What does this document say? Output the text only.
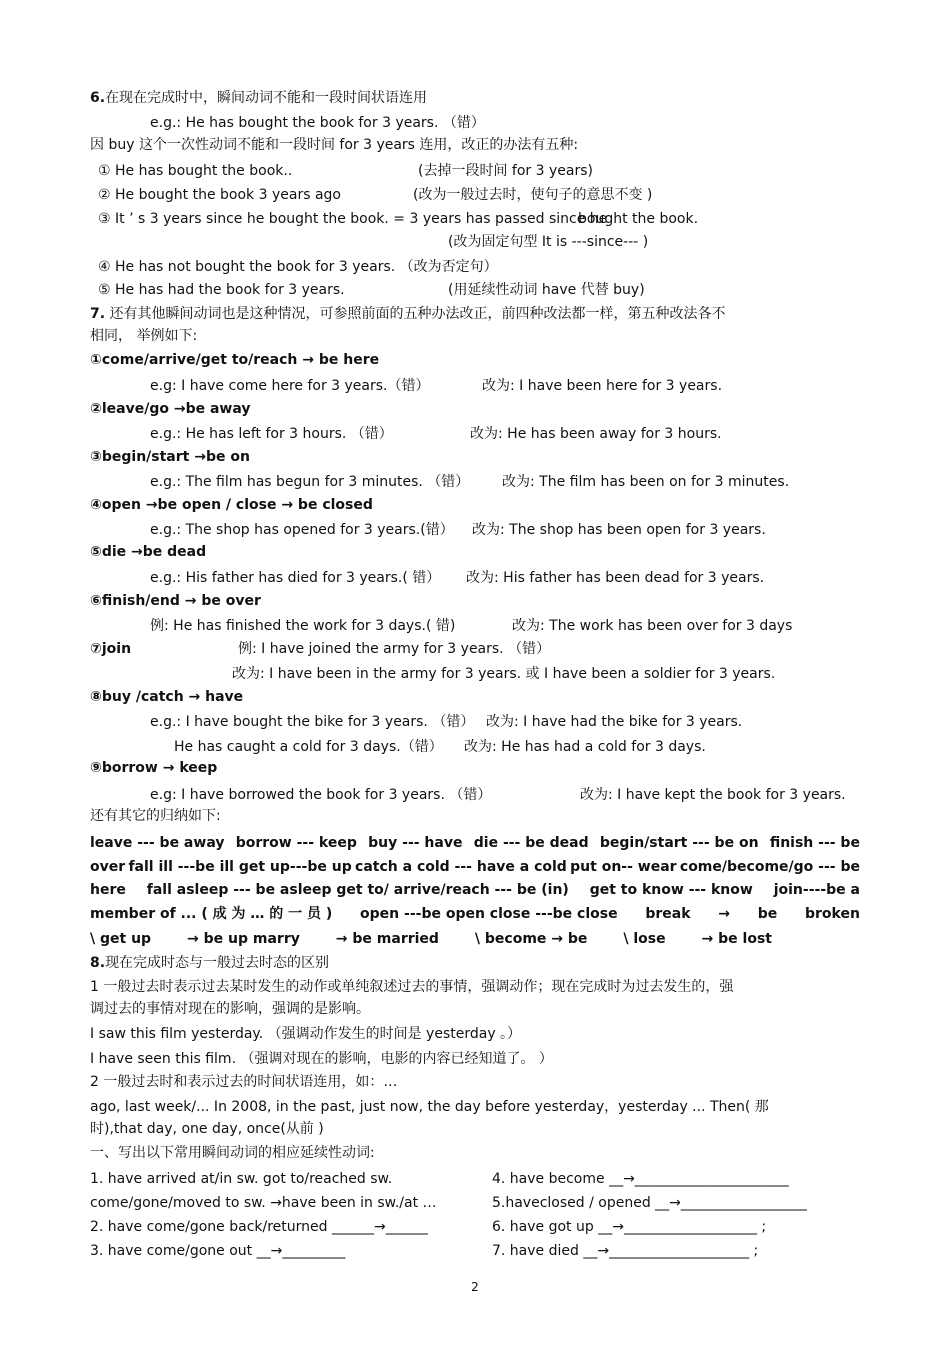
6.在现在完成时中，瞬间动词不能和一段时间状语连用
e.g.: He has bought the book for 3 years. （错）
因 buy 这个一次性动词不能和一段时间 for 3 years 连用，改正的办法有五种:
① He has bought the book..	(去掉一段时间 for 3 years)
② He bought the book 3 years ago	(改为一般过去时，使句子的意思不变 )
③ It ’ s 3 years since he bought the book. = 3 years has passed since he
bought the book.
(改为固定句型 It is ---since--- )
④ He has not bought the book for 3 years. （改为否定句）
⑤ He has had the book for 3 years.	(用延续性动词 have 代替 buy)
7. 还有其他瞬间动词也是这种情况，可参照前面的五种办法改正，前四种改法都一样，第五种改法各不
相同， 举例如下:
①come/arrive/get to/reach → be here
e.g: I have come here for 3 years.（错）	改为: I have been here for 3 years.
②leave/go →be away
e.g.: He has left for 3 hours. （错）	改为: He has been away for 3 hours.
③begin/start →be on
e.g.: The film has begun for 3 minutes. （错） 改为: The film has been on for 3 minutes.
④open →be open / close → be closed
e.g.: The shop has opened for 3 years.(错） 改为: The shop has been open for 3 years.
⑤die →be dead
e.g.: His father has died for 3 years.( 错） 改为: His father has been dead for 3 years.
⑥finish/end → be over
例: He has finished the work for 3 days.( 错)	改为: The work has been over for 3 days
⑦join	例: I have joined the army for 3 years. （错）
改为: I have been in the army for 3 years. 或 I have been a soldier for 3 years.
⑧buy /catch → have
e.g.: I have bought the bike for 3 years. （错） 改为: I have had the bike for 3 years.
He has caught a cold for 3 days.（错） 改为: He has had a cold for 3 days.
⑨borrow → keep
e.g: I have borrowed the book for 3 years. （错）	改为: I have kept the book for 3 years.
还有其它的归纳如下:
leave --- be away borrow --- keep buy --- have die --- be dead begin/start --- be on finish --- be
over fall ill ---be ill get up---be up catch a cold --- have a cold put on-- wear come/become/go --- be
here fall asleep --- be asleep get to/ arrive/reach --- be (in) get to know --- know join----be a
member of ... ( 成 为 … 的 一 员 ) open ---be open close ---be close break → be broken
\ get up	→ be up marry	→ be married	\ become → be	\ lose	→ be lost
8.现在完成时态与一般过去时态的区别
1 一般过去时表示过去某时发生的动作或单纯叙述过去的事情，强调动作；现在完成时为过去发生的，强
调过去的事情对现在的影响，强调的是影响。
I saw this film yesterday. （强调动作发生的时间是 yesterday 。）
I have seen this film. （强调对现在的影响，电影的内容已经知道了。 ）
2 一般过去时和表示过去的时间状语连用，如：…
ago, last week/... In 2008, in the past, just now, the day before yesterday，yesterday ... Then( 那
时),that day, one day, once(从前 )
一、写出以下常用瞬间动词的相应延续性动词:
1. have arrived at/in sw. got to/reached sw.	4. have become __→______________________
come/gone/moved to sw. →have been in sw./at …	5.haveclosed / opened __→__________________
2. have come/gone back/returned ______→______	6. have got up __→___________________ ;
3. have come/gone out __→_________	7. have died __→____________________ ;
2
